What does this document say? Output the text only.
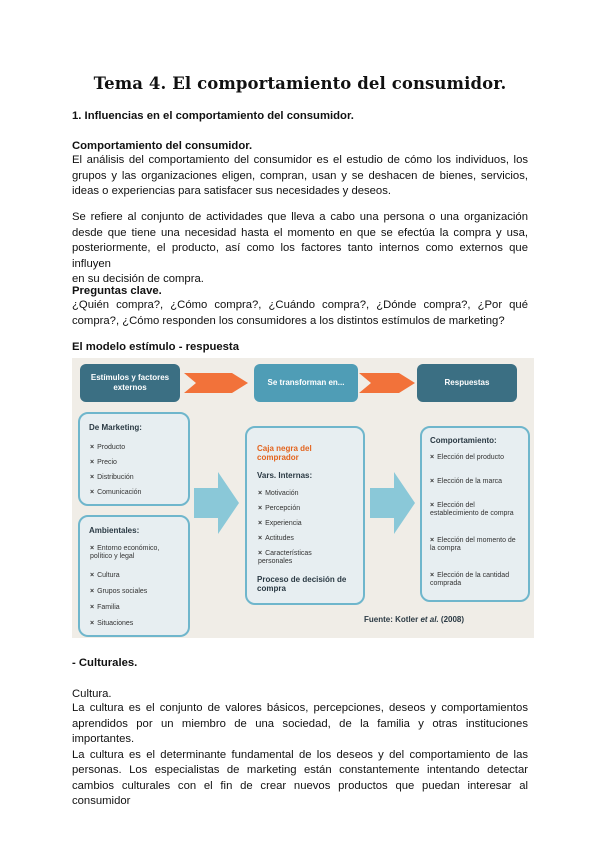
Tema 4. El comportamiento del consumidor.
1. Influencias en el comportamiento del consumidor.
Comportamiento del consumidor.
El análisis del comportamiento del consumidor es el estudio de cómo los individuos, los
grupos y las organizaciones eligen, compran, usan y se deshacen de bienes, servicios,
ideas o experiencias para satisfacer sus necesidades y deseos.
Se refiere al conjunto de actividades que lleva a cabo una persona o una organización
desde que tiene una necesidad hasta el momento en que se efectúa la compra y usa,
posteriormente, el producto, así como los factores tanto internos como externos que influyen
en su decisión de compra.
Preguntas clave.
¿Quién compra?, ¿Cómo compra?, ¿Cuándo compra?, ¿Dónde compra?, ¿Por qué
compra?, ¿Cómo responden los consumidores a los distintos estímulos de marketing?
El modelo estímulo - respuesta
Estímulos y factores externos
Se transforman en...	Respuestas
De Marketing:
× Producto
× Precio
× Distribución
× Comunicación
Ambientales:
× Entorno económico, político y legal
× Cultura
× Grupos sociales
× Familia
× Situaciones
Caja negra del comprador
Vars. Internas:
× Motivación
× Percepción
× Experiencia
× Actitudes
× Características personales
Proceso de decisión de compra
Comportamiento:
× Elección del producto
× Elección de la marca
× Elección del establecimiento de compra
× Elección del momento de la compra
× Elección de la cantidad comprada
Fuente: Kotler et al. (2008)
- Culturales.
Cultura.
La cultura es el conjunto de valores básicos, percepciones, deseos y comportamientos
aprendidos por un miembro de una sociedad, de la familia y otras instituciones importantes.
La cultura es el determinante fundamental de los deseos y del comportamiento de las
personas. Los especialistas de marketing están constantemente intentando detectar
cambios culturales con el fin de crear nuevos productos que puedan interesar al consumidor
